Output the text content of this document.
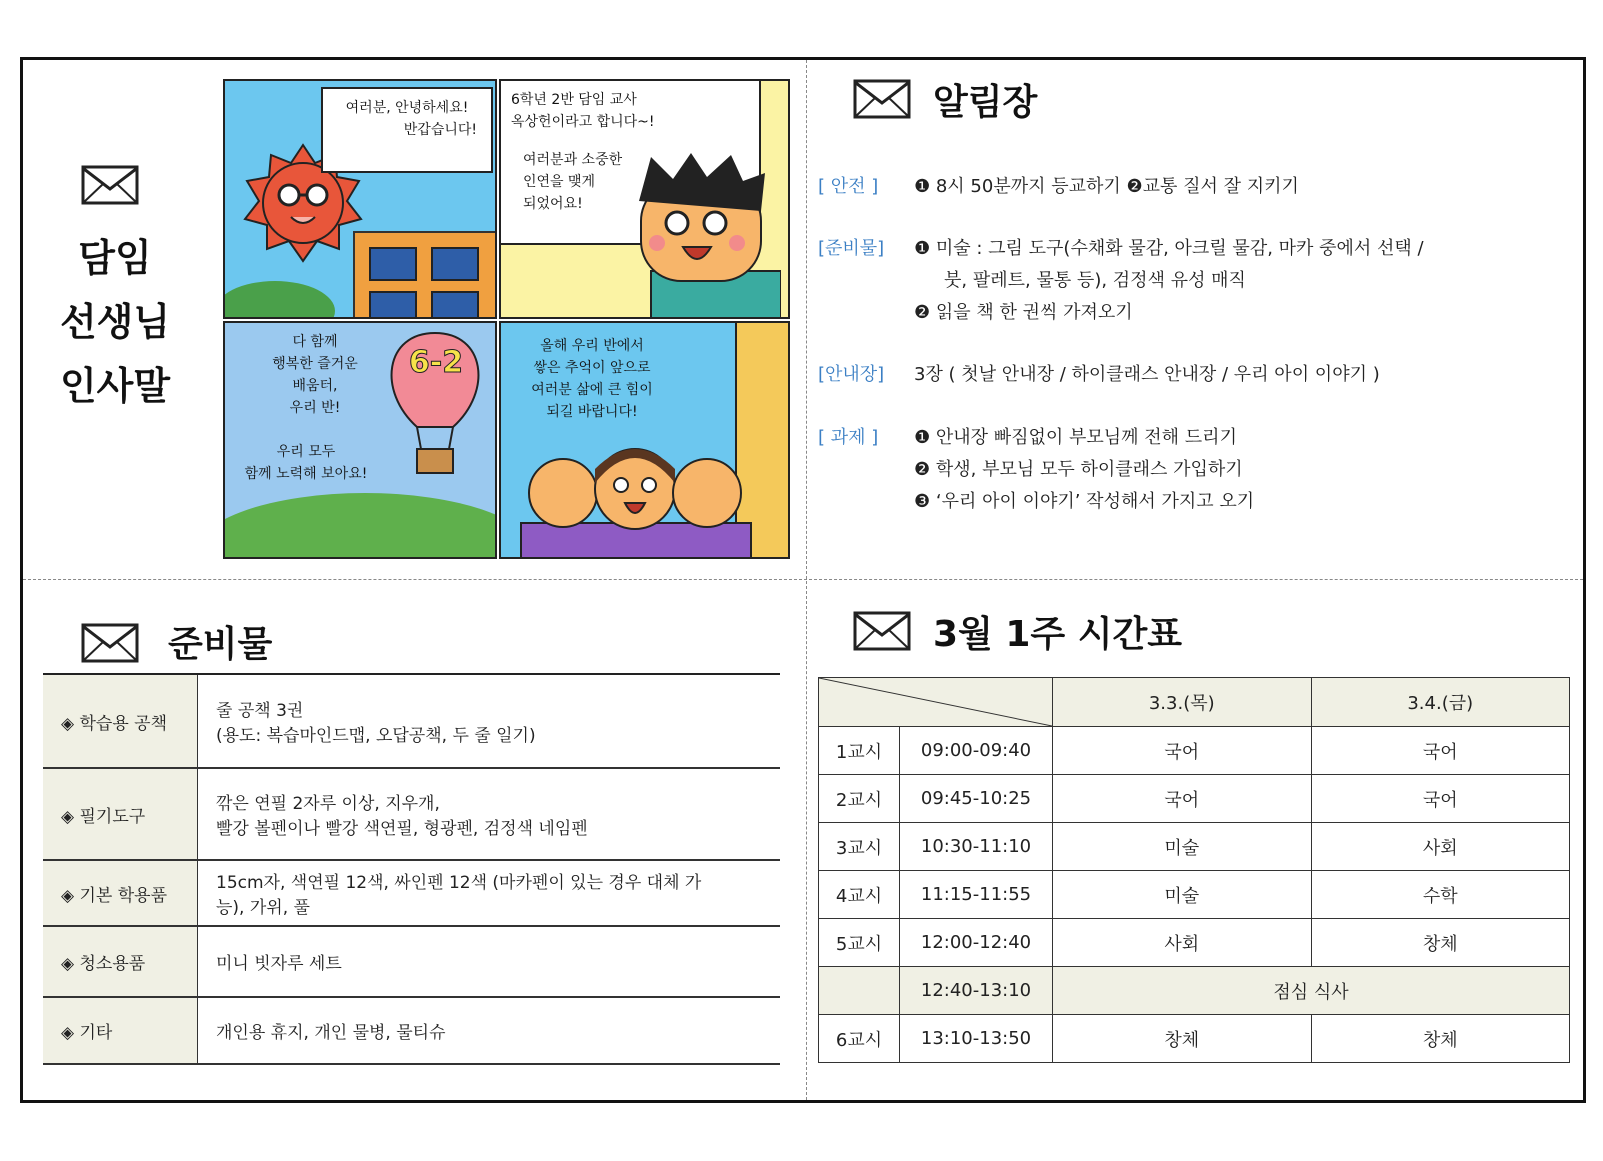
담임
선생님
인사말
여러분, 안녕하세요!
반갑습니다!
6학년 2반 담임 교사
옥상헌이라고 합니다~!
여러분과 소중한
인연을 맺게
되었어요!
6-2
다 함께
행복한 즐거운
배움터,
우리 반!
우리 모두
함께 노력해 보아요!
올해 우리 반에서
쌓은 추억이 앞으로
여러분 삶에 큰 힘이
되길 바랍니다!
알림장
[ 안전 ] ❶ 8시 50분까지 등교하기 ❷교통 질서 잘 지키기
[준비물] ❶ 미술 : 그림 도구(수채화 물감, 아크릴 물감, 마카 중에서 선택 /
붓, 팔레트, 물통 등), 검정색 유성 매직
❷ 읽을 책 한 권씩 가져오기
[안내장] 3장 ( 첫날 안내장 / 하이클래스 안내장 / 우리 아이 이야기 )
[ 과제 ] ❶ 안내장 빠짐없이 부모님께 전해 드리기
❷ 학생, 부모님 모두 하이클래스 가입하기
❸ ‘우리 아이 이야기’ 작성해서 가지고 오기
준비물
◈ 학습용 공책	줄 공책 3권
(용도: 복습마인드맵, 오답공책, 두 줄 일기)

◈ 필기도구	깎은 연필 2자루 이상, 지우개,
빨강 볼펜이나 빨강 색연필, 형광펜, 검정색 네임펜

◈ 기본 학용품	15cm자, 색연필 12색, 싸인펜 12색 (마카펜이 있는 경우 대체 가
능), 가위, 풀

◈ 청소용품	미니 빗자루 세트

◈ 기타	개인용 휴지, 개인 물병, 물티슈
3월 1주 시간표
	3.3.(목)	3.4.(금)
1교시	09:00-09:40	국어	국어
2교시	09:45-10:25	국어	국어
3교시	10:30-11:10	미술	사회
4교시	11:15-11:55	미술	수학
5교시	12:00-12:40	사회	창체
	12:40-13:10	점심 식사	
6교시	13:10-13:50	창체	창체
